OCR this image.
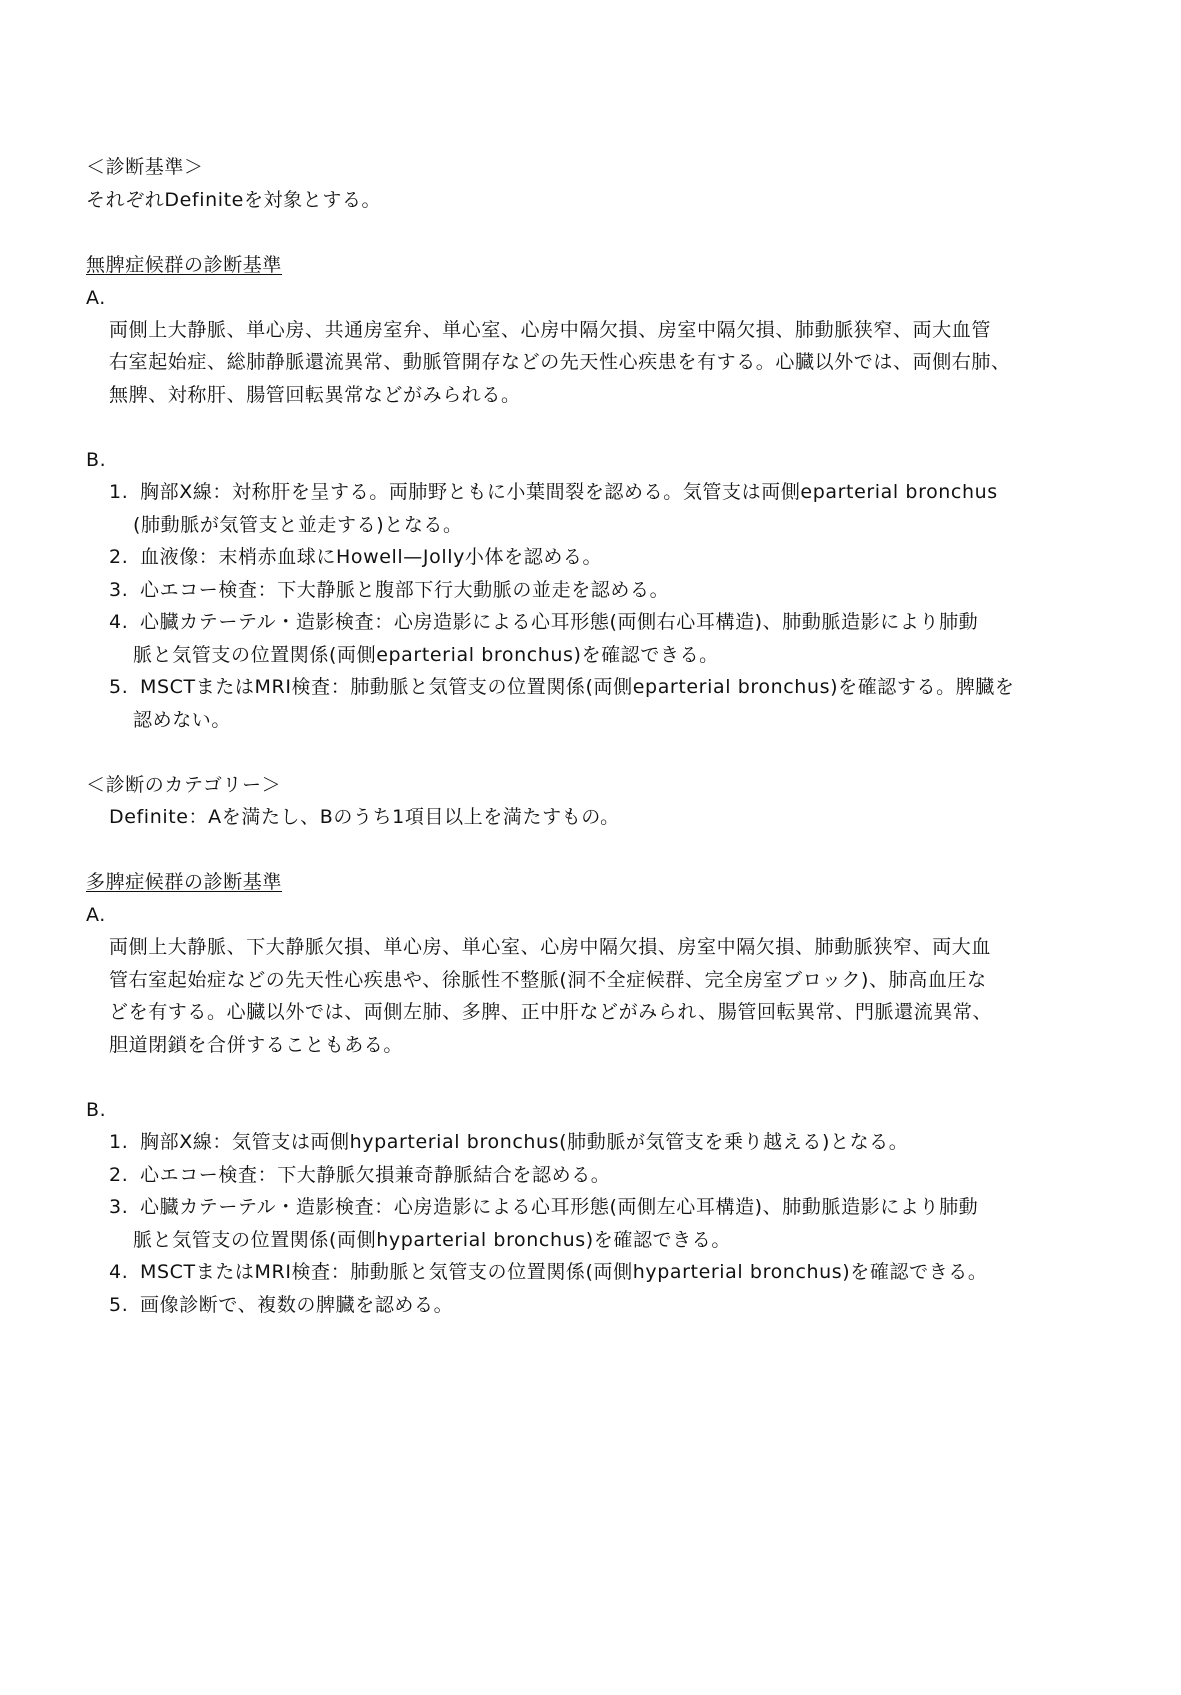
＜診断基準＞
それぞれDefiniteを対象とする。
無脾症候群の診断基準
A.
両側上大静脈、単心房、共通房室弁、単心室、心房中隔欠損、房室中隔欠損、肺動脈狭窄、両大血管
右室起始症、総肺静脈還流異常、動脈管開存などの先天性心疾患を有する。心臓以外では、両側右肺、
無脾、対称肝、腸管回転異常などがみられる。
B.
1. 胸部X線：対称肝を呈する。両肺野ともに小葉間裂を認める。気管支は両側eparterial bronchus
(肺動脈が気管支と並走する)となる。
2. 血液像：末梢赤血球にHowell—Jolly小体を認める。
3. 心エコー検査：下大静脈と腹部下行大動脈の並走を認める。
4. 心臓カテーテル・造影検査：心房造影による心耳形態(両側右心耳構造)、肺動脈造影により肺動
脈と気管支の位置関係(両側eparterial bronchus)を確認できる。
5. MSCTまたはMRI検査：肺動脈と気管支の位置関係(両側eparterial bronchus)を確認する。脾臓を
認めない。
＜診断のカテゴリー＞
Definite：Aを満たし、Bのうち1項目以上を満たすもの。
多脾症候群の診断基準
A.
両側上大静脈、下大静脈欠損、単心房、単心室、心房中隔欠損、房室中隔欠損、肺動脈狭窄、両大血
管右室起始症などの先天性心疾患や、徐脈性不整脈(洞不全症候群、完全房室ブロック)、肺高血圧な
どを有する。心臓以外では、両側左肺、多脾、正中肝などがみられ、腸管回転異常、門脈還流異常、
胆道閉鎖を合併することもある。
B.
1. 胸部X線：気管支は両側hyparterial bronchus(肺動脈が気管支を乗り越える)となる。
2. 心エコー検査：下大静脈欠損兼奇静脈結合を認める。
3. 心臓カテーテル・造影検査：心房造影による心耳形態(両側左心耳構造)、肺動脈造影により肺動
脈と気管支の位置関係(両側hyparterial bronchus)を確認できる。
4. MSCTまたはMRI検査：肺動脈と気管支の位置関係(両側hyparterial bronchus)を確認できる。
5. 画像診断で、複数の脾臓を認める。
